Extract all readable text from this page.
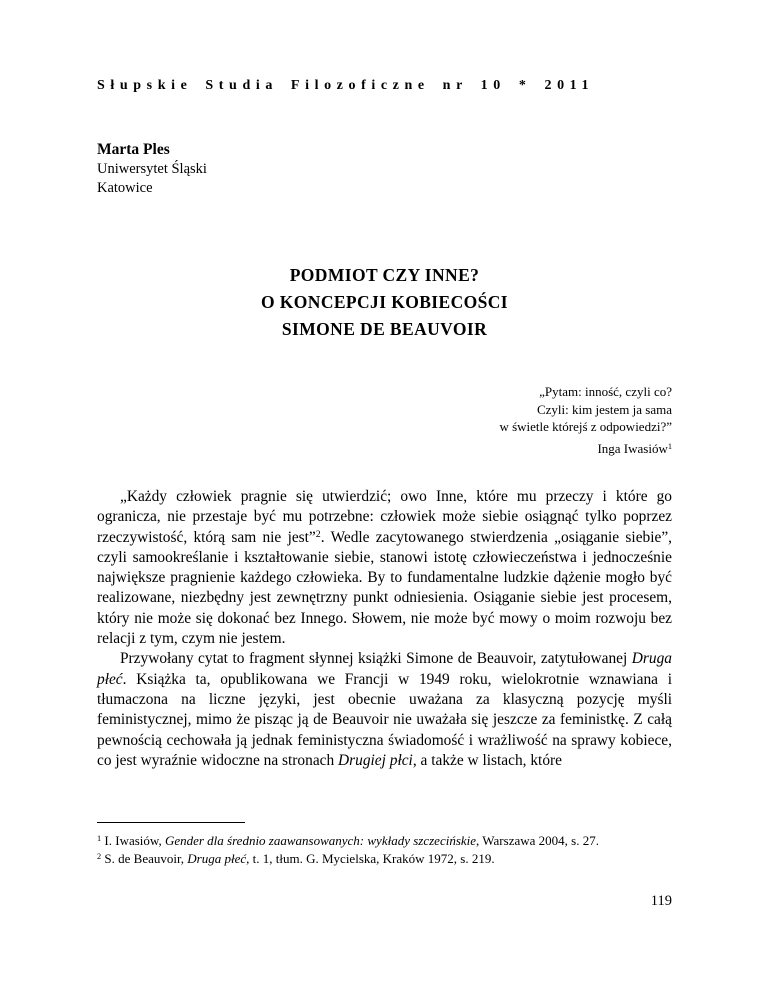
Słupskie Studia Filozoficzne nr 10 * 2011
Marta Ples
Uniwersytet Śląski
Katowice
PODMIOT CZY INNE?
O KONCEPCJI KOBIECOŚCI
SIMONE DE BEAUVOIR
„Pytam: inność, czyli co?
Czyli: kim jestem ja sama
w świetle którejś z odpowiedzi?”
Inga Iwasiów$^1$

„Każdy człowiek pragnie się utwierdzić; owo Inne, które mu przeczy i które go ogranicza, nie przestaje być mu potrzebne: człowiek może siebie osiągnąć tylko poprzez rzeczywistość, którą sam nie jest”$^2$. Wedle zacytowanego stwierdzenia „osiąganie siebie”, czyli samookreślanie i kształtowanie siebie, stanowi istotę człowieczeństwa i jednocześnie największe pragnienie każdego człowieka. By to fundamentalne ludzkie dążenie mogło być realizowane, niezbędny jest zewnętrzny punkt odniesienia. Osiąganie siebie jest procesem, który nie może się dokonać bez Innego. Słowem, nie może być mowy o moim rozwoju bez relacji z tym, czym nie jestem.

Przywołany cytat to fragment słynnej książki Simone de Beauvoir, zatytułowanej Druga płeć. Książka ta, opublikowana we Francji w 1949 roku, wielokrotnie wznawiana i tłumaczona na liczne języki, jest obecnie uważana za klasyczną pozycję myśli feministycznej, mimo że pisząc ją de Beauvoir nie uważała się jeszcze za feministkę. Z całą pewnością cechowała ją jednak feministyczna świadomość i wrażliwość na sprawy kobiece, co jest wyraźnie widoczne na stronach Drugiej płci, a także w listach, które

$^1$ I. Iwasiów, Gender dla średnio zaawansowanych: wykłady szczecińskie, Warszawa 2004, s. 27.

$^2$ S. de Beauvoir, Druga płeć, t. 1, tłum. G. Mycielska, Kraków 1972, s. 219.

119
